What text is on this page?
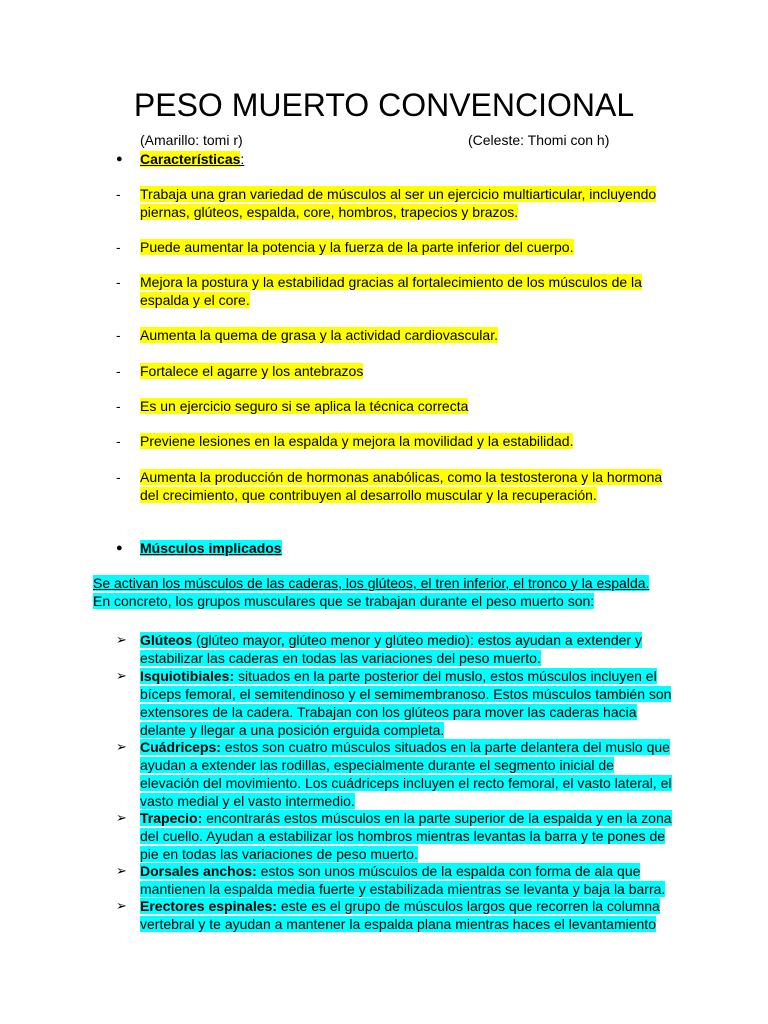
PESO MUERTO CONVENCIONAL
(Amarillo: tomi r)	(Celeste: Thomi con h)
● Características:
-	Trabaja una gran variedad de músculos al ser un ejercicio multiarticular, incluyendo piernas, glúteos, espalda, core, hombros, trapecios y brazos.
-	Puede aumentar la potencia y la fuerza de la parte inferior del cuerpo.
-	Mejora la postura y la estabilidad gracias al fortalecimiento de los músculos de la espalda y el core.
-	Aumenta la quema de grasa y la actividad cardiovascular.
-	Fortalece el agarre y los antebrazos
-	Es un ejercicio seguro si se aplica la técnica correcta
-	Previene lesiones en la espalda y mejora la movilidad y la estabilidad.
-	Aumenta la producción de hormonas anabólicas, como la testosterona y la hormona del crecimiento, que contribuyen al desarrollo muscular y la recuperación.
● Músculos implicados
Se activan los músculos de las caderas, los glúteos, el tren inferior, el tronco y la espalda.
En concreto, los grupos musculares que se trabajan durante el peso muerto son:
➢ Glúteos (glúteo mayor, glúteo menor y glúteo medio): estos ayudan a extender y estabilizar las caderas en todas las variaciones del peso muerto.
➢ Isquiotibiales: situados en la parte posterior del muslo, estos músculos incluyen el bíceps femoral, el semitendinoso y el semimembranoso. Estos músculos también son extensores de la cadera. Trabajan con los glúteos para mover las caderas hacia delante y llegar a una posición erguida completa.
➢ Cuádriceps: estos son cuatro músculos situados en la parte delantera del muslo que ayudan a extender las rodillas, especialmente durante el segmento inicial de elevación del movimiento. Los cuádriceps incluyen el recto femoral, el vasto lateral, el vasto medial y el vasto intermedio.
➢ Trapecio: encontrarás estos músculos en la parte superior de la espalda y en la zona del cuello. Ayudan a estabilizar los hombros mientras levantas la barra y te pones de pie en todas las variaciones de peso muerto.
➢ Dorsales anchos: estos son unos músculos de la espalda con forma de ala que mantienen la espalda media fuerte y estabilizada mientras se levanta y baja la barra.
➢ Erectores espinales: este es el grupo de músculos largos que recorren la columna vertebral y te ayudan a mantener la espalda plana mientras haces el levantamiento
